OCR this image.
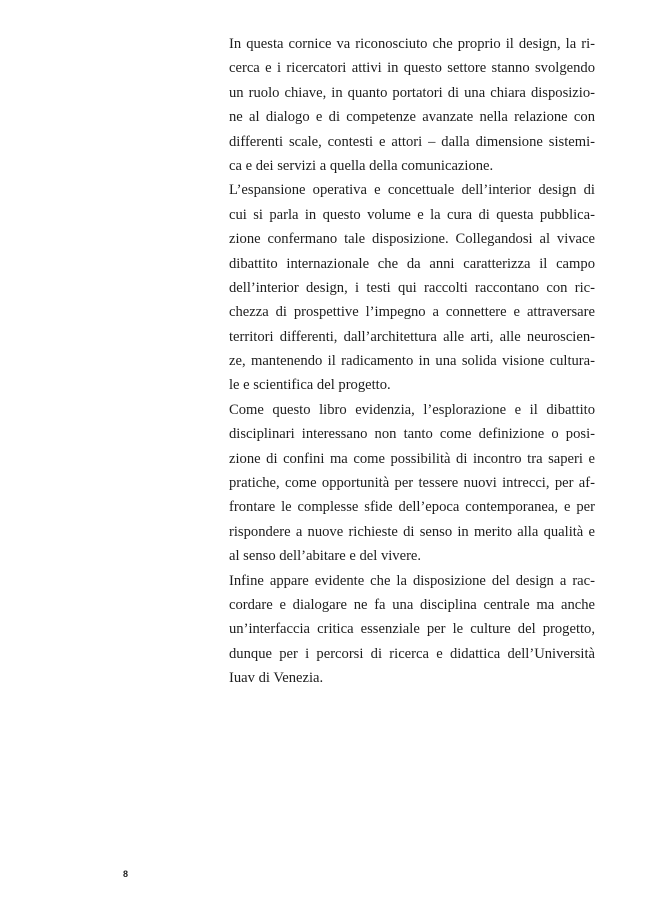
In questa cornice va riconosciuto che proprio il design, la ri-
cerca e i ricercatori attivi in questo settore stanno svolgendo
un ruolo chiave, in quanto portatori di una chiara disposizio-
ne al dialogo e di competenze avanzate nella relazione con
differenti scale, contesti e attori – dalla dimensione sistemi-
ca e dei servizi a quella della comunicazione.
L’espansione operativa e concettuale dell’interior design di
cui si parla in questo volume e la cura di questa pubblica-
zione confermano tale disposizione. Collegandosi al vivace
dibattito internazionale che da anni caratterizza il campo
dell’interior design, i testi qui raccolti raccontano con ric-
chezza di prospettive l’impegno a connettere e attraversare
territori differenti, dall’architettura alle arti, alle neuroscien-
ze, mantenendo il radicamento in una solida visione cultura-
le e scientifica del progetto.
Come questo libro evidenzia, l’esplorazione e il dibattito
disciplinari interessano non tanto come definizione o posi-
zione di confini ma come possibilità di incontro tra saperi e
pratiche, come opportunità per tessere nuovi intrecci, per af-
frontare le complesse sfide dell’epoca contemporanea, e per
rispondere a nuove richieste di senso in merito alla qualità e
al senso dell’abitare e del vivere.
Infine appare evidente che la disposizione del design a rac-
cordare e dialogare ne fa una disciplina centrale ma anche
un’interfaccia critica essenziale per le culture del progetto,
dunque per i percorsi di ricerca e didattica dell’Università
Iuav di Venezia.
8
